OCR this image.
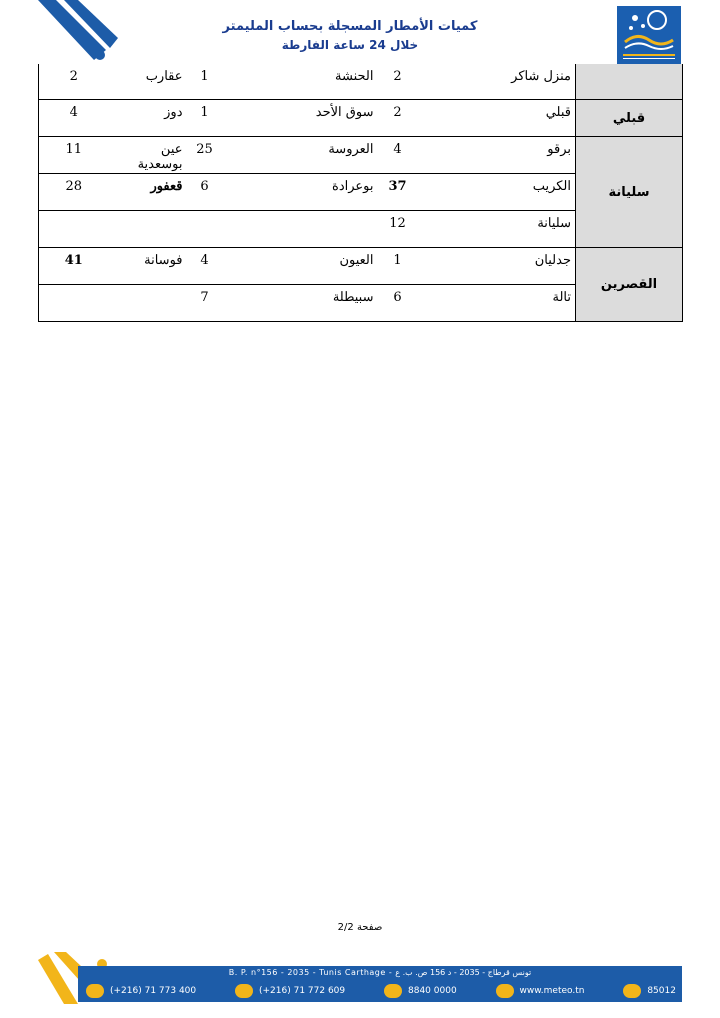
كميات الأمطار المسجلة بحساب المليمتر
خلال 24 ساعة الفارطة
2	عقارب	1	الحنشة	2	منزل شاكر	
4	دوز	1	سوق الأحد	2	قبلي	قبلي
11	عين بوسعدية	25	العروسة	4	برقو	سليانة
28	قعفور	6	بوعرادة	37	الكريب	
				12	سليانة	
41	فوسانة	4	العيون	1	جدليان	القصرين
		7	سبيطلة	6	تالة	
صفحة 2/2
B. P. n°156 - 2035 - Tunis Carthage - تونس قرطاج - 2035 - د 156 ص. ب. ع
(+216) 71 773 400	(+216) 71 772 609	8840 0000	www.meteo.tn	85012
